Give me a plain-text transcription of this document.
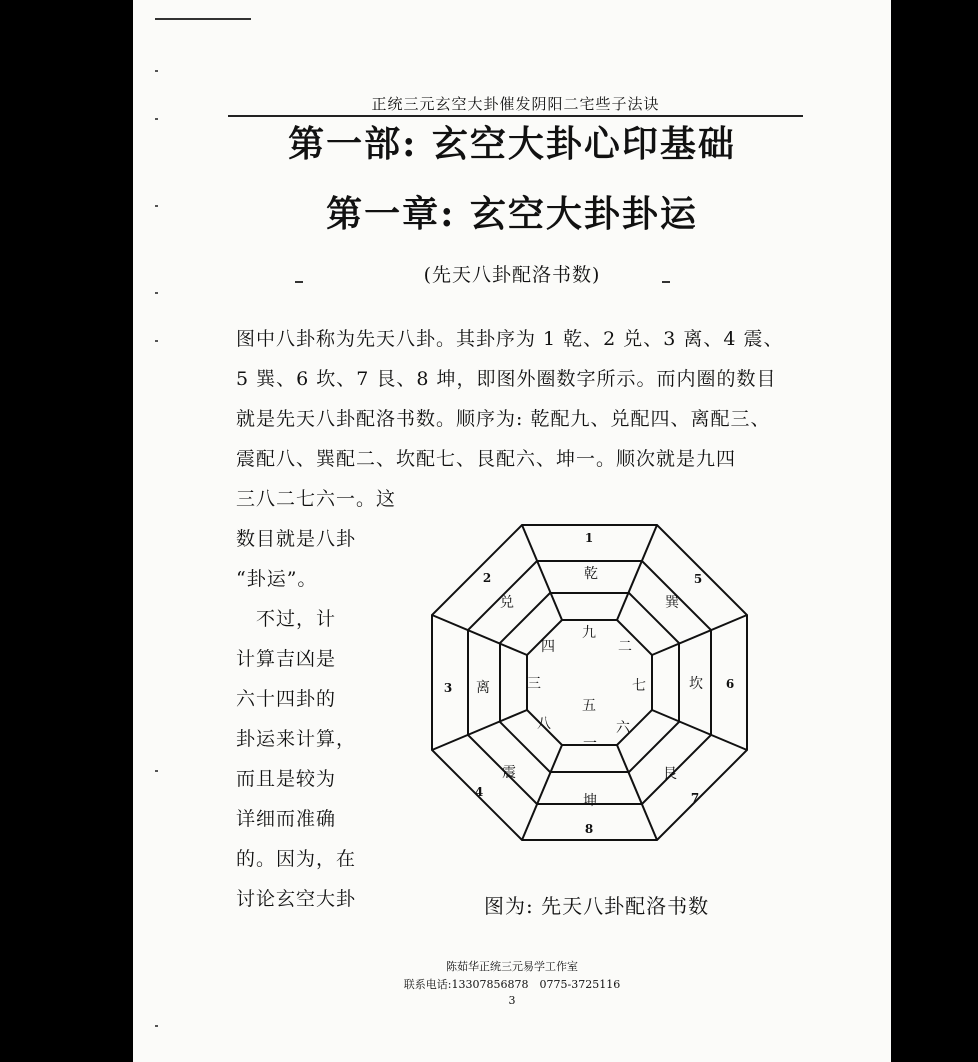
正统三元玄空大卦催发阴阳二宅些子法诀
第一部: 玄空大卦心印基础
第一章: 玄空大卦卦运
(先天八卦配洛书数)
图中八卦称为先天八卦。其卦序为 1 乾、2 兑、3 离、4 震、
5 巽、6 坎、7 艮、8 坤，即图外圈数字所示。而内圈的数目
就是先天八卦配洛书数。顺序为: 乾配九、兑配四、离配三、
震配八、巽配二、坎配七、艮配六、坤一。顺次就是九四
三八二七六一。这
数目就是八卦
“卦运”。
　不过，计
计算吉凶是
六十四卦的
卦运来计算，
而且是较为
详细而准确
的。因为，在
讨论玄空大卦
1
5
6
7
8
4
3
2	乾
巽
坎
艮
坤
震
离
兑
九
二
七
六
一
八
三
四
五
图为: 先天八卦配洛书数
陈茹华正统三元易学工作室
联系电话:13307856878　0775-3725116
3
